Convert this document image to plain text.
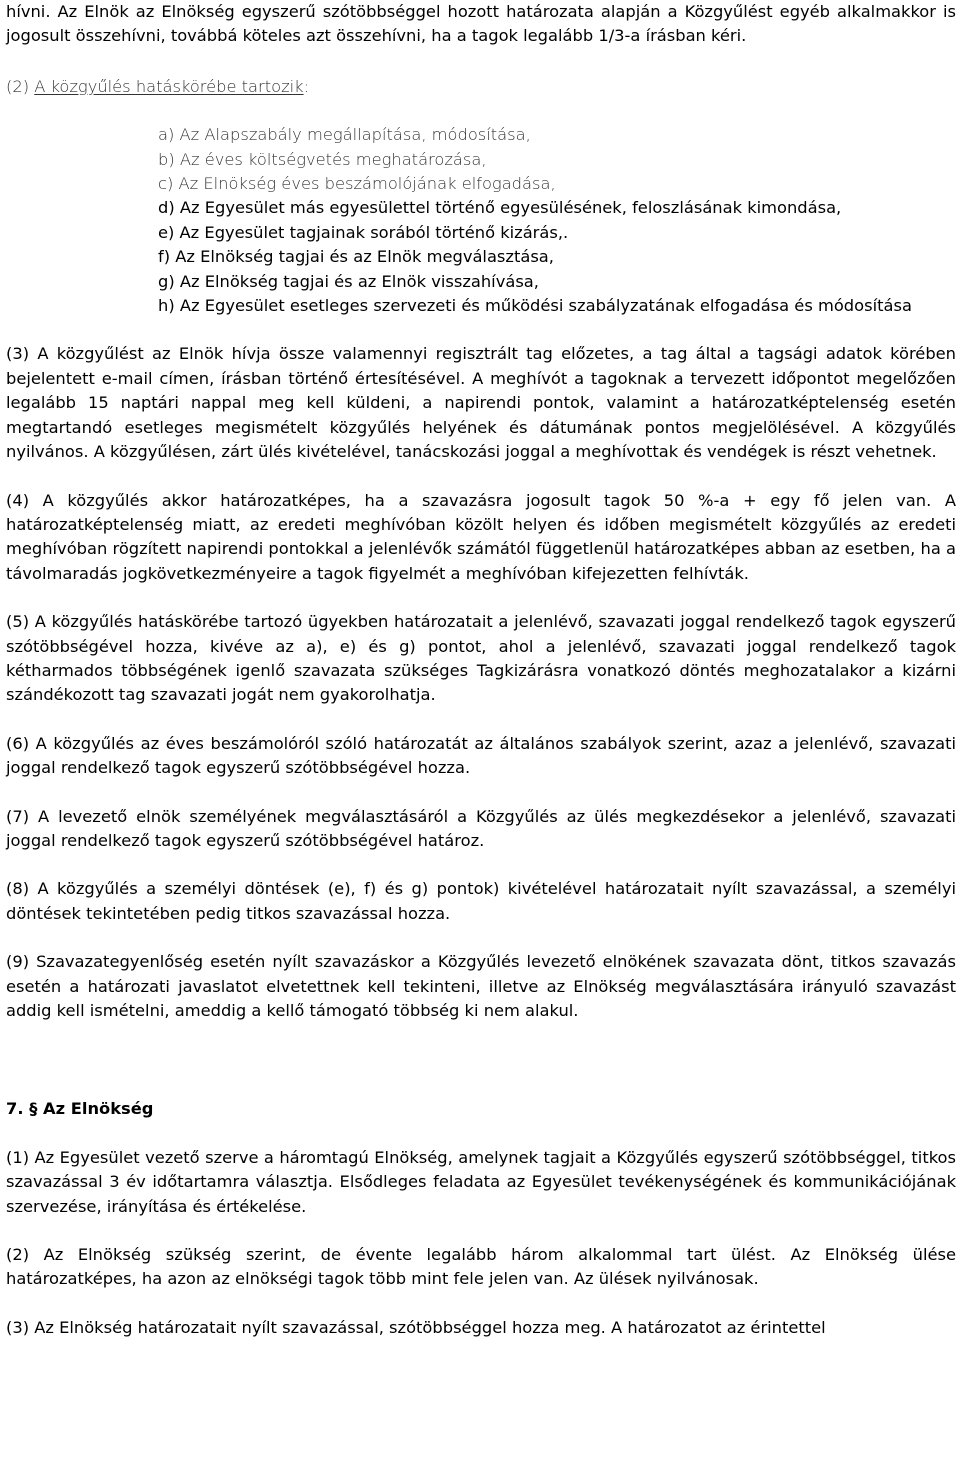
hívni. Az Elnök az Elnökség egyszerű szótöbbséggel hozott határozata alapján a Közgyűlést egyéb alkalmakkor is jogosult összehívni, továbbá köteles azt összehívni, ha a tagok legalább 1/3-a írásban kéri.

(2) A közgyűlés hatáskörébe tartozik:

a) Az Alapszabály megállapítása, módosítása,
b) Az éves költségvetés meghatározása,
c) Az Elnökség éves beszámolójának elfogadása,
d) Az Egyesület más egyesülettel történő egyesülésének, feloszlásának kimondása,
e) Az Egyesület tagjainak sorából történő kizárás,.
f) Az Elnökség tagjai és az Elnök megválasztása,
g) Az Elnökség tagjai és az Elnök visszahívása,
h) Az Egyesület esetleges szervezeti és működési szabályzatának elfogadása és módosítása

(3) A közgyűlést az Elnök hívja össze valamennyi regisztrált tag előzetes, a tag által a tagsági adatok körében bejelentett e-mail címen, írásban történő értesítésével. A meghívót a tagoknak a tervezett időpontot megelőzően legalább 15 naptári nappal meg kell küldeni, a napirendi pontok, valamint a határozatképtelenség esetén megtartandó esetleges megismételt közgyűlés helyének és dátumának pontos megjelölésével. A közgyűlés nyilvános. A közgyűlésen, zárt ülés kivételével, tanácskozási joggal a meghívottak és vendégek is részt vehetnek.

(4) A közgyűlés akkor határozatképes, ha a szavazásra jogosult tagok 50 %-a + egy fő jelen van. A határozatképtelenség miatt, az eredeti meghívóban közölt helyen és időben megismételt közgyűlés az eredeti meghívóban rögzített napirendi pontokkal a jelenlévők számától függetlenül határozatképes abban az esetben, ha a távolmaradás jogkövetkezményeire a tagok figyelmét a meghívóban kifejezetten felhívták.

(5) A közgyűlés hatáskörébe tartozó ügyekben határozatait a jelenlévő, szavazati joggal rendelkező tagok egyszerű szótöbbségével hozza, kivéve az a), e) és g) pontot, ahol a jelenlévő, szavazati joggal rendelkező tagok kétharmados többségének igenlő szavazata szükséges Tagkizárásra vonatkozó döntés meghozatalakor a kizárni szándékozott tag szavazati jogát nem gyakorolhatja.

(6) A közgyűlés az éves beszámolóról szóló határozatát az általános szabályok szerint, azaz a jelenlévő, szavazati joggal rendelkező tagok egyszerű szótöbbségével hozza.

(7) A levezető elnök személyének megválasztásáról a Közgyűlés az ülés megkezdésekor a jelenlévő, szavazati joggal rendelkező tagok egyszerű szótöbbségével határoz.

(8) A közgyűlés a személyi döntések (e), f) és g) pontok) kivételével határozatait nyílt szavazással, a személyi döntések tekintetében pedig titkos szavazással hozza.

(9) Szavazategyenlőség esetén nyílt szavazáskor a Közgyűlés levezető elnökének szavazata dönt, titkos szavazás esetén a határozati javaslatot elvetettnek kell tekinteni, illetve az Elnökség megválasztására irányuló szavazást addig kell ismételni, ameddig a kellő támogató többség ki nem alakul.

7. § Az Elnökség

(1) Az Egyesület vezető szerve a háromtagú Elnökség, amelynek tagjait a Közgyűlés egyszerű szótöbbséggel, titkos szavazással 3 év időtartamra választja. Elsődleges feladata az Egyesület tevékenységének és kommunikációjának szervezése, irányítása és értékelése.

(2) Az Elnökség szükség szerint, de évente legalább három alkalommal tart ülést. Az Elnökség ülése határozatképes, ha azon az elnökségi tagok több mint fele jelen van. Az ülések nyilvánosak.

(3) Az Elnökség határozatait nyílt szavazással, szótöbbséggel hozza meg. A határozatot az érintettel
